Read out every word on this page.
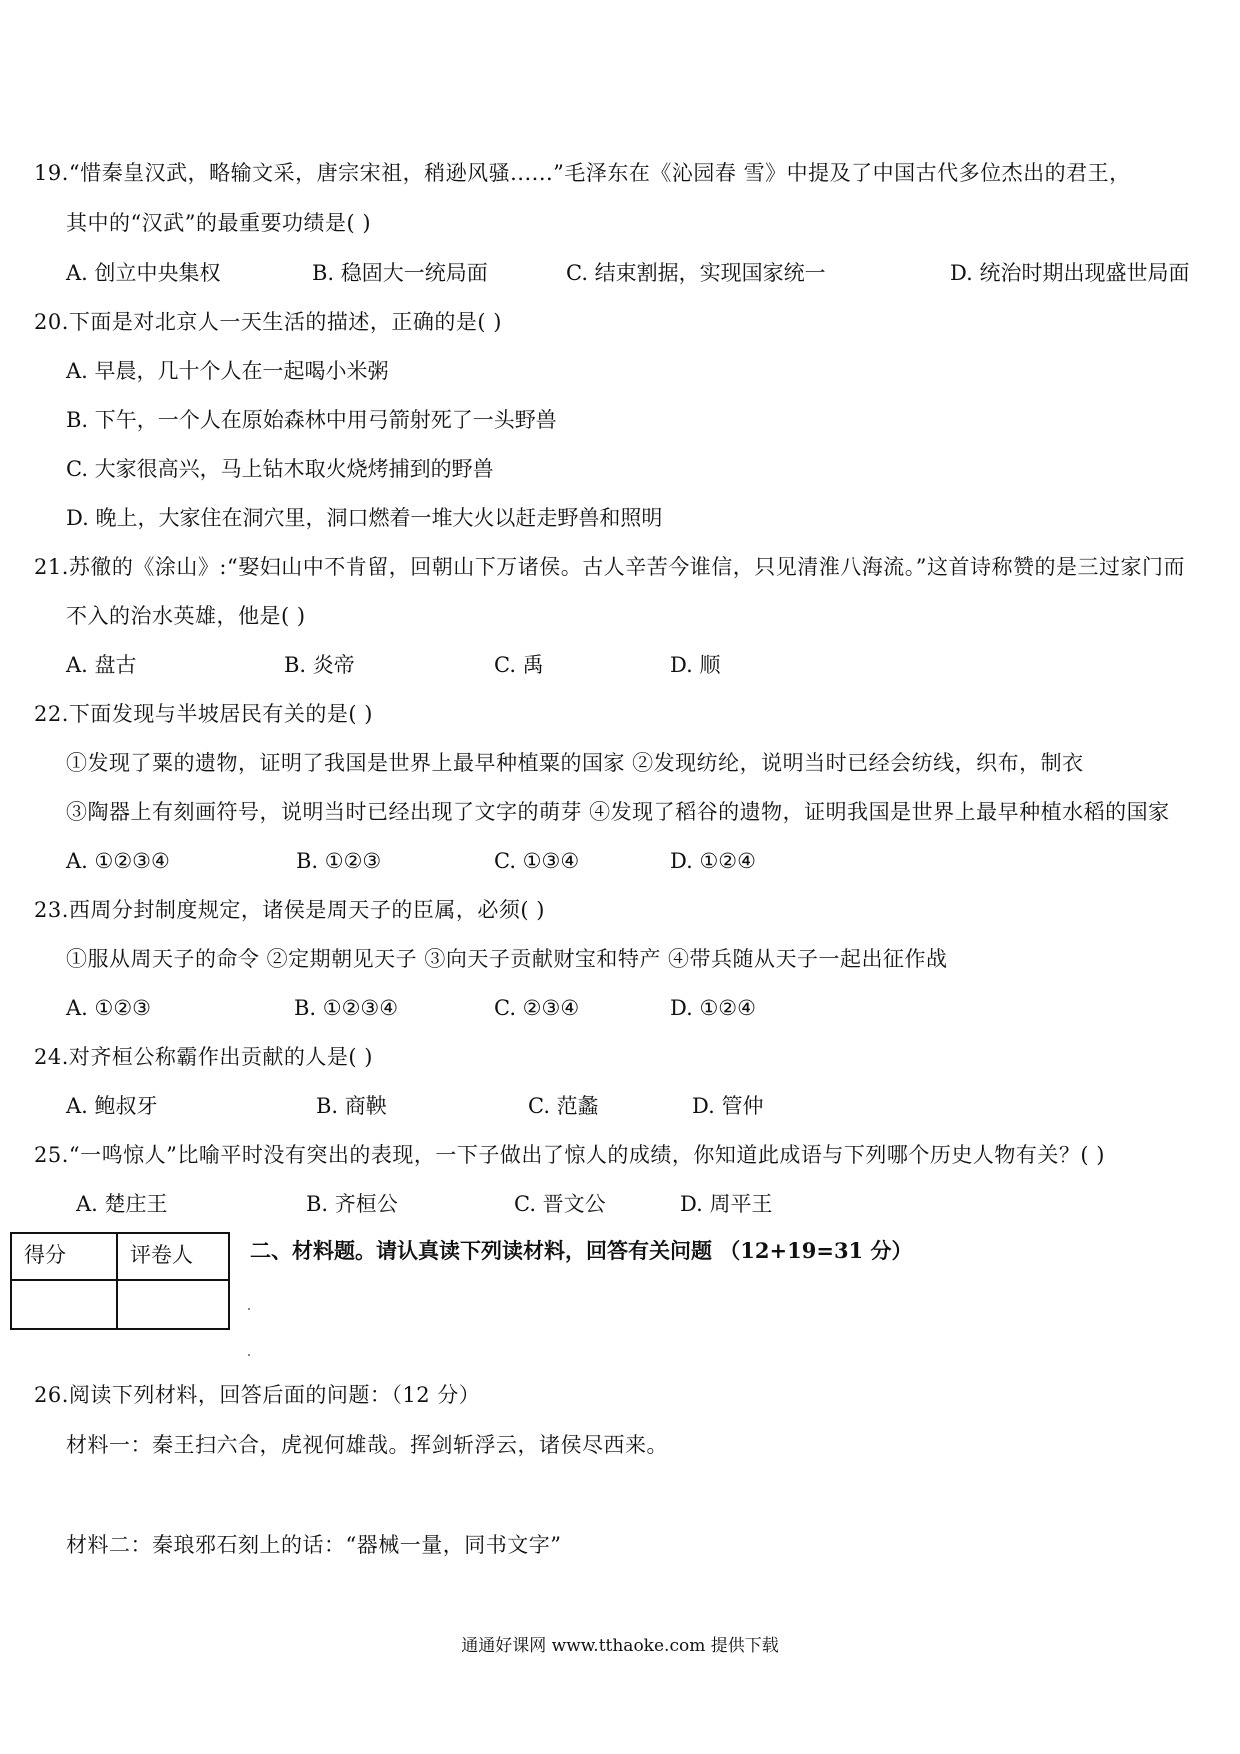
19.“惜秦皇汉武，略输文采，唐宗宋祖，稍逊风骚......”毛泽东在《沁园春 雪》中提及了中国古代多位杰出的君王，
其中的“汉武”的最重要功绩是( )
A. 创立中央集权	B. 稳固大一统局面	C. 结束割据，实现国家统一	D. 统治时期出现盛世局面
20.下面是对北京人一天生活的描述，正确的是( )
A. 早晨，几十个人在一起喝小米粥
B. 下午，一个人在原始森林中用弓箭射死了一头野兽
C. 大家很高兴，马上钻木取火烧烤捕到的野兽
D. 晚上，大家住在洞穴里，洞口燃着一堆大火以赶走野兽和照明
21.苏徹的《涂山》:“娶妇山中不肯留，回朝山下万诸侯。古人辛苦今谁信，只见清淮八海流。”这首诗称赞的是三过家门而
不入的治水英雄，他是( )
A. 盘古	B. 炎帝	C. 禹	D. 顺
22.下面发现与半坡居民有关的是( )
①发现了粟的遗物，证明了我国是世界上最早种植粟的国家 ②发现纺纶，说明当时已经会纺线，织布，制衣
③陶器上有刻画符号，说明当时已经出现了文字的萌芽 ④发现了稻谷的遗物，证明我国是世界上最早种植水稻的国家
A. ①②③④	B. ①②③	C. ①③④	D. ①②④
23.西周分封制度规定，诸侯是周天子的臣属，必须( )
①服从周天子的命令 ②定期朝见天子 ③向天子贡献财宝和特产 ④带兵随从天子一起出征作战
A. ①②③	B. ①②③④	C. ②③④	D. ①②④
24.对齐桓公称霸作出贡献的人是( )
A. 鲍叔牙	B. 商鞅	C. 范蠡	D. 管仲
25.“一鸣惊人”比喻平时没有突出的表现，一下子做出了惊人的成绩，你知道此成语与下列哪个历史人物有关？( )
A. 楚庄王	B. 齐桓公	C. 晋文公	D. 周平王
得分	评卷人	二、材料题。请认真读下列读材料，回答有关问题 （12+19=31 分）
26.阅读下列材料，回答后面的问题：（12 分）
材料一：秦王扫六合，虎视何雄哉。挥剑斩浮云，诸侯尽西来。
材料二：秦琅邪石刻上的话：“器械一量，同书文字”
通通好课网 www.tthaoke.com 提供下载
